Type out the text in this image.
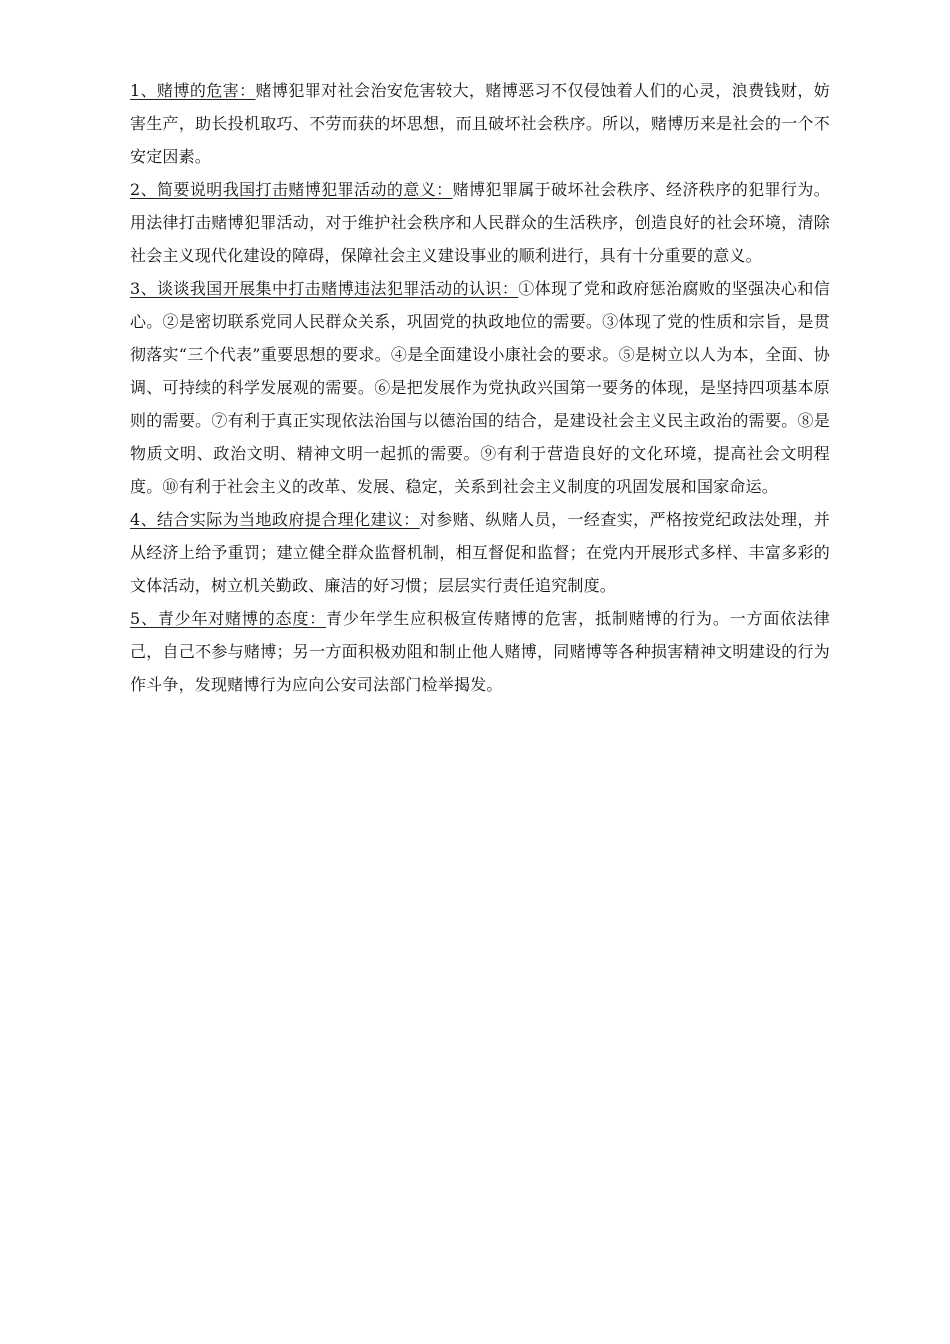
1、赌博的危害：赌博犯罪对社会治安危害较大，赌博恶习不仅侵蚀着人们的心灵，浪费钱财，妨害生产，助长投机取巧、不劳而获的坏思想，而且破坏社会秩序。所以，赌博历来是社会的一个不安定因素。

2、简要说明我国打击赌博犯罪活动的意义：赌博犯罪属于破坏社会秩序、经济秩序的犯罪行为。用法律打击赌博犯罪活动，对于维护社会秩序和人民群众的生活秩序，创造良好的社会环境，清除社会主义现代化建设的障碍，保障社会主义建设事业的顺利进行，具有十分重要的意义。

3、谈谈我国开展集中打击赌博违法犯罪活动的认识：①体现了党和政府惩治腐败的坚强决心和信心。②是密切联系党同人民群众关系，巩固党的执政地位的需要。③体现了党的性质和宗旨，是贯彻落实“三个代表”重要思想的要求。④是全面建设小康社会的要求。⑤是树立以人为本，全面、协调、可持续的科学发展观的需要。⑥是把发展作为党执政兴国第一要务的体现，是坚持四项基本原则的需要。⑦有利于真正实现依法治国与以德治国的结合，是建设社会主义民主政治的需要。⑧是物质文明、政治文明、精神文明一起抓的需要。⑨有利于营造良好的文化环境，提高社会文明程度。⑩有利于社会主义的改革、发展、稳定，关系到社会主义制度的巩固发展和国家命运。

4、结合实际为当地政府提合理化建议：对参赌、纵赌人员，一经查实，严格按党纪政法处理，并从经济上给予重罚；建立健全群众监督机制，相互督促和监督；在党内开展形式多样、丰富多彩的文体活动，树立机关勤政、廉洁的好习惯；层层实行责任追究制度。

5、青少年对赌博的态度：青少年学生应积极宣传赌博的危害，抵制赌博的行为。一方面依法律己，自己不参与赌博；另一方面积极劝阻和制止他人赌博，同赌博等各种损害精神文明建设的行为作斗争，发现赌博行为应向公安司法部门检举揭发。
